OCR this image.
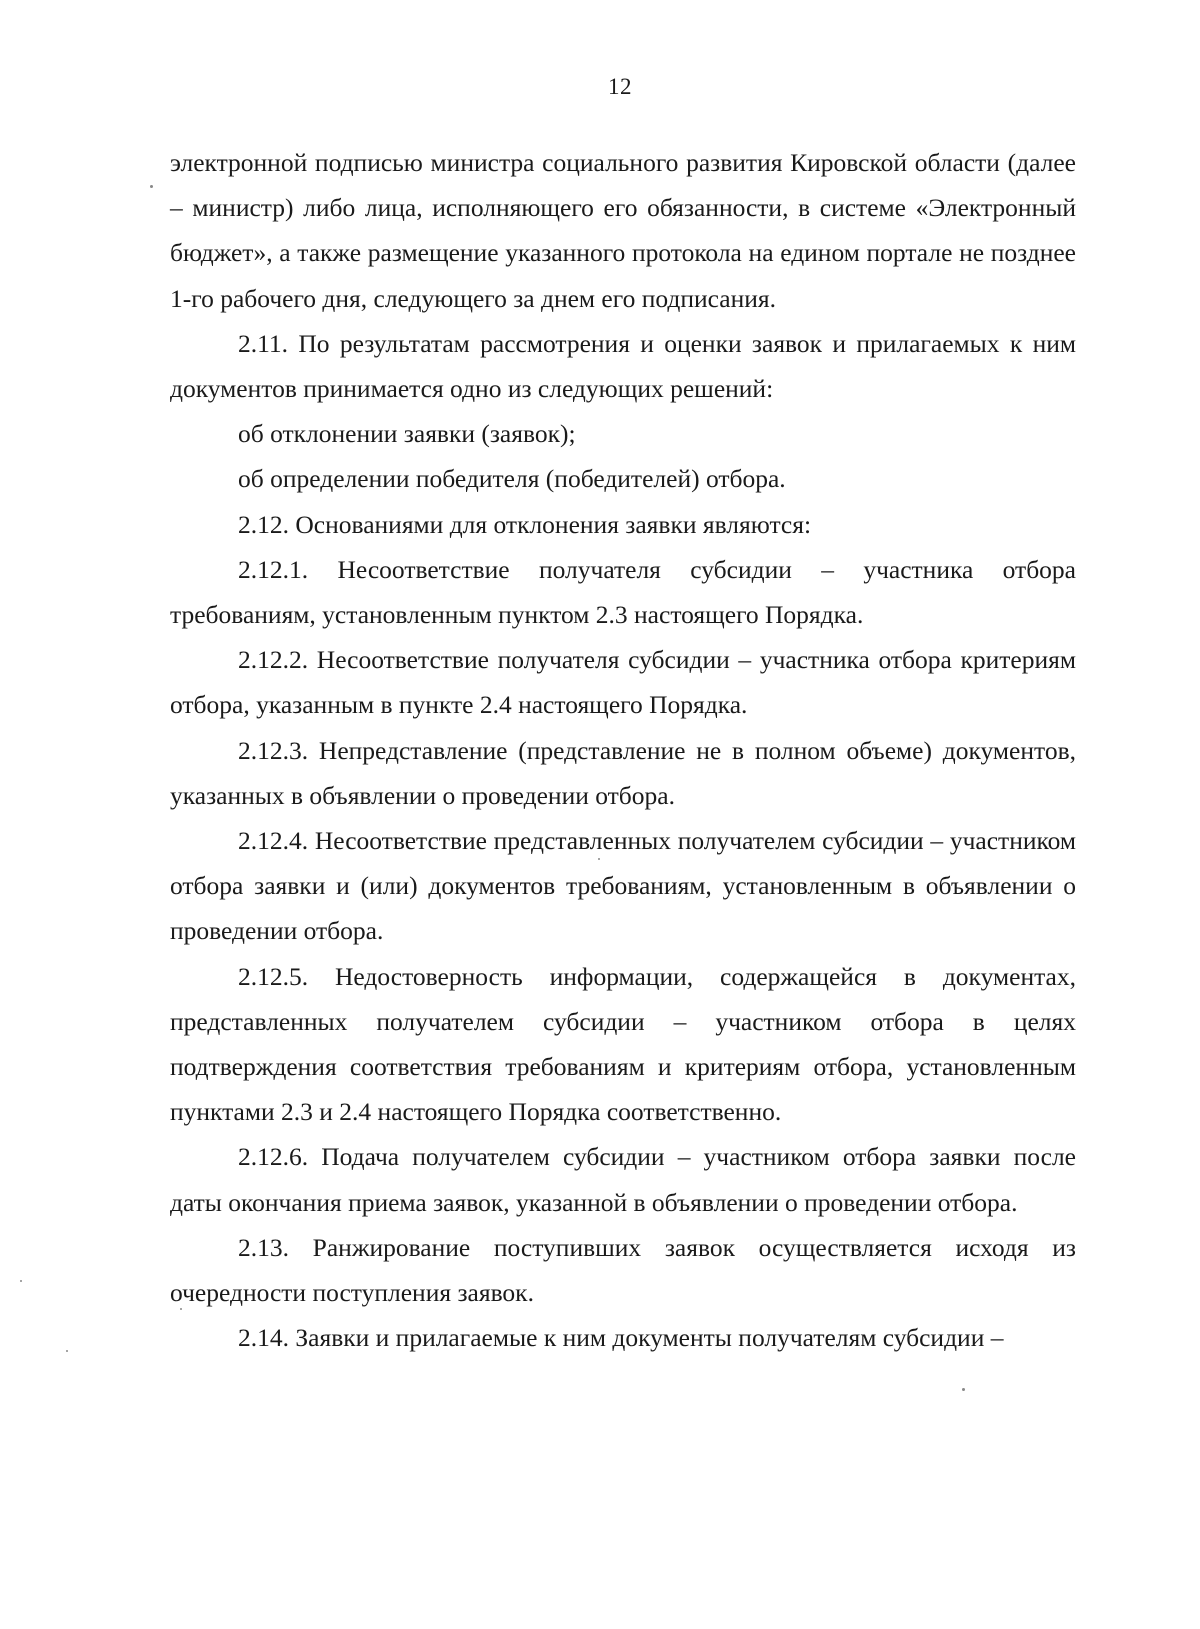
12

электронной подписью министра социального развития Кировской области (далее – министр) либо лица, исполняющего его обязанности, в системе «Электронный бюджет», а также размещение указанного протокола на едином портале не позднее 1-го рабочего дня, следующего за днем его подписания.

2.11. По результатам рассмотрения и оценки заявок и прилагаемых к ним документов принимается одно из следующих решений:

об отклонении заявки (заявок);

об определении победителя (победителей) отбора.

2.12. Основаниями для отклонения заявки являются:

2.12.1. Несоответствие получателя субсидии – участника отбора требованиям, установленным пунктом 2.3 настоящего Порядка.

2.12.2. Несоответствие получателя субсидии – участника отбора критериям отбора, указанным в пункте 2.4 настоящего Порядка.

2.12.3. Непредставление (представление не в полном объеме) документов, указанных в объявлении о проведении отбора.

2.12.4. Несоответствие представленных получателем субсидии – участником отбора заявки и (или) документов требованиям, установленным в объявлении о проведении отбора.

2.12.5. Недостоверность информации, содержащейся в документах, представленных получателем субсидии – участником отбора в целях подтверждения соответствия требованиям и критериям отбора, установленным пунктами 2.3 и 2.4 настоящего Порядка соответственно.

2.12.6. Подача получателем субсидии – участником отбора заявки после даты окончания приема заявок, указанной в объявлении о проведении отбора.

2.13. Ранжирование поступивших заявок осуществляется исходя из очередности поступления заявок.

2.14. Заявки и прилагаемые к ним документы получателям субсидии –
